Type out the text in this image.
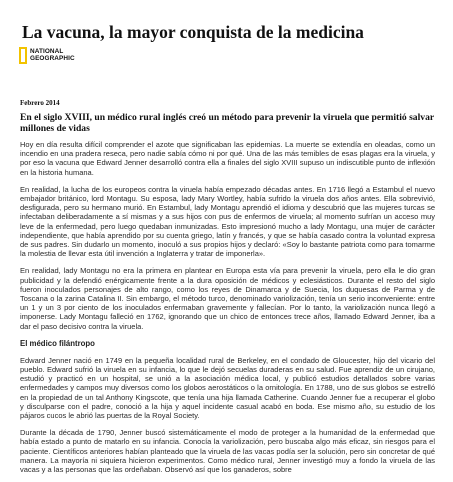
La vacuna, la mayor conquista de la medicina
NATIONAL
GEOGRAPHIC
Febrero 2014
En el siglo XVIII, un médico rural inglés creó un método para prevenir la viruela que permitió salvar millones de vidas

Hoy en día resulta difícil comprender el azote que significaban las epidemias. La muerte se extendía en oleadas, como un incendio en una pradera reseca, pero nadie sabía cómo ni por qué. Una de las más temibles de esas plagas era la viruela, y por eso la vacuna que Edward Jenner desarrolló contra ella a finales del siglo XVIII supuso un indiscutible punto de inflexión en la historia humana.

En realidad, la lucha de los europeos contra la viruela había empezado décadas antes. En 1716 llegó a Estambul el nuevo embajador británico, lord Montagu. Su esposa, lady Mary Wortley, había sufrido la viruela dos años antes. Ella sobrevivió, desfigurada, pero su hermano murió. En Estambul, lady Montagu aprendió el idioma y descubrió que las mujeres turcas se infectaban deliberadamente a sí mismas y a sus hijos con pus de enfermos de viruela; al momento sufrían un acceso muy leve de la enfermedad, pero luego quedaban inmunizadas. Esto impresionó mucho a lady Montagu, una mujer de carácter independiente, que había aprendido por su cuenta griego, latín y francés, y que se había casado contra la voluntad expresa de sus padres. Sin dudarlo un momento, inoculó a sus propios hijos y declaró: «Soy lo bastante patriota como para tomarme la molestia de llevar esta útil invención a Inglaterra y tratar de imponerla».

En realidad, lady Montagu no era la primera en plantear en Europa esta vía para prevenir la viruela, pero ella le dio gran publicidad y la defendió enérgicamente frente a la dura oposición de médicos y eclesiásticos. Durante el resto del siglo fueron inoculados personajes de alto rango, como los reyes de Dinamarca y de Suecia, los duquesas de Parma y de Toscana o la zarina Catalina II. Sin embargo, el método turco, denominado variolización, tenía un serio inconveniente: entre un 1 y un 3 por ciento de los inoculados enfermaban gravemente y fallecían. Por lo tanto, la variolización nunca llegó a imponerse. Lady Montagu falleció en 1762, ignorando que un chico de entonces trece años, llamado Edward Jenner, iba a dar el paso decisivo contra la viruela.

El médico filántropo

Edward Jenner nació en 1749 en la pequeña localidad rural de Berkeley, en el condado de Gloucester, hijo del vicario del pueblo. Edward sufrió la viruela en su infancia, lo que le dejó secuelas duraderas en su salud. Fue aprendiz de un cirujano, estudió y practicó en un hospital, se unió a la asociación médica local, y publicó estudios detallados sobre varias enfermedades y campos muy diversos como los globos aerostáticos o la ornitología. En 1788, uno de sus globos se estrelló en la propiedad de un tal Anthony Kingscote, que tenía una hija llamada Catherine. Cuando Jenner fue a recuperar el globo y disculparse con el padre, conoció a la hija y aquel incidente casual acabó en boda. Ese mismo año, su estudio de los pájaros cucos le abrió las puertas de la Royal Society.

Durante la década de 1790, Jenner buscó sistemáticamente el modo de proteger a la humanidad de la enfermedad que había estado a punto de matarlo en su infancia. Conocía la variolización, pero buscaba algo más eficaz, sin riesgos para el paciente. Científicos anteriores habían planteado que la viruela de las vacas podía ser la solución, pero sin concretar de qué manera. La mayoría ni siquiera hicieron experimentos. Como médico rural, Jenner investigó muy a fondo la viruela de las vacas y a las personas que las ordeñaban. Observó así que los ganaderos, sobre
